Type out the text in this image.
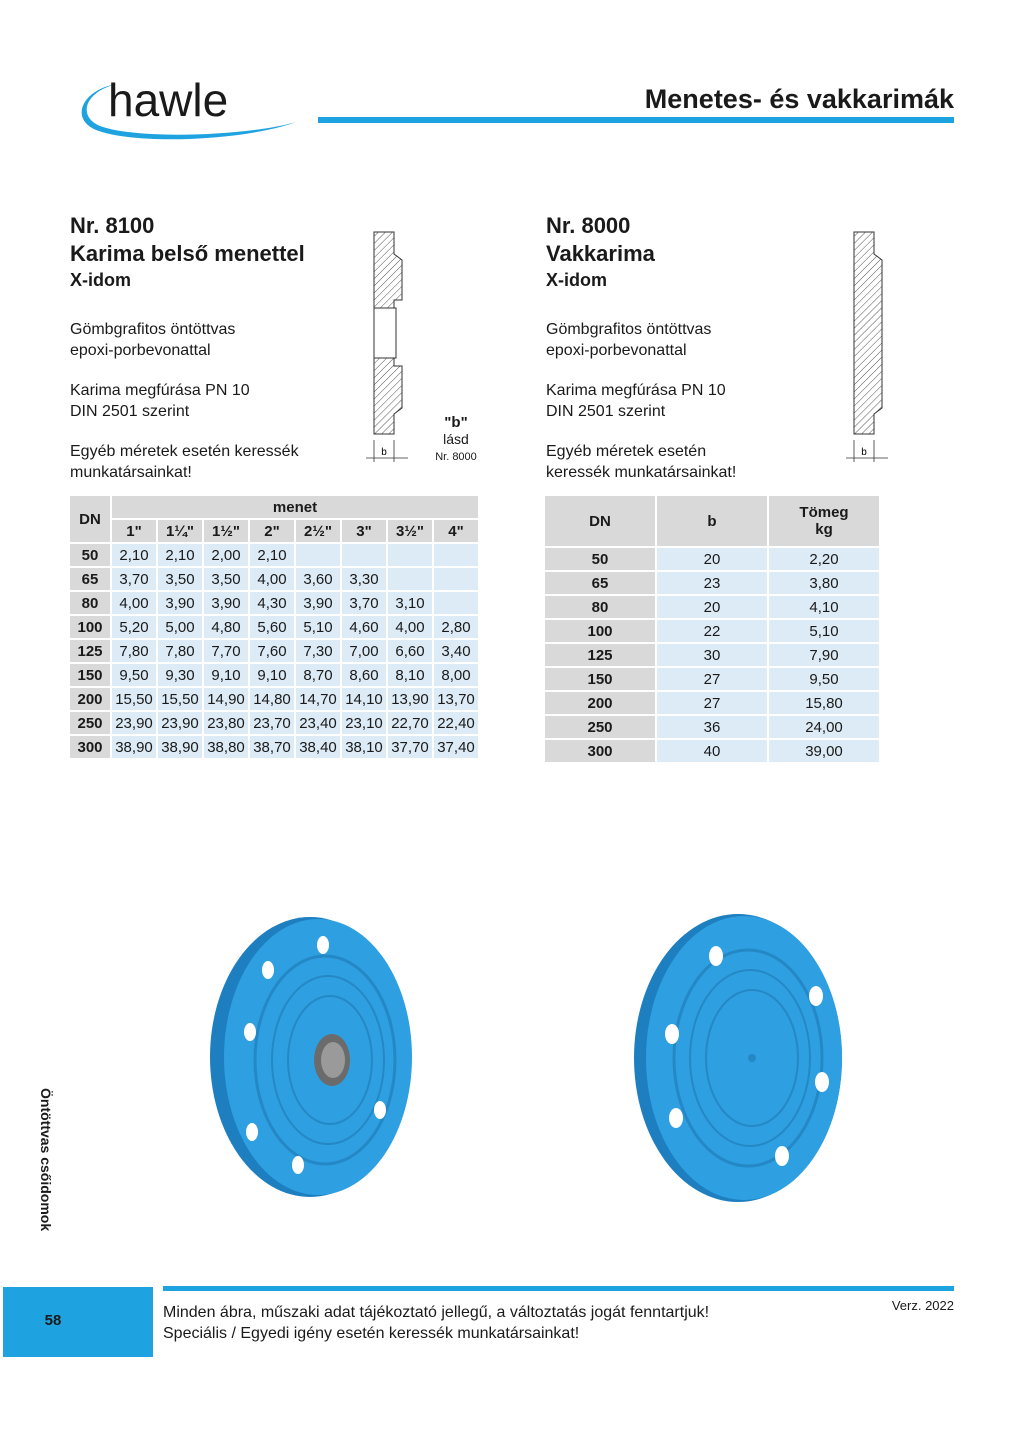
hawle	Menetes- és vakkarimák
Nr. 8100
Karima belső menettel
X-idom
Gömbgrafitos öntöttvas
epoxi-porbevonattal
Karima megfúrása PN 10
DIN 2501 szerint
Egyéb méretek esetén keressék
munkatársainkat!
b
"b"
lásd
Nr. 8000
Nr. 8000
Vakkarima
X-idom
Gömbgrafitos öntöttvas
epoxi-porbevonattal
Karima megfúrása PN 10
DIN 2501 szerint
Egyéb méretek esetén
keressék munkatársainkat!
b
DN	menet							
	1"	1¼"	1½"	2"	2½"	3"	3½"	4"
50	2,10	2,10	2,00	2,10				
65	3,70	3,50	3,50	4,00	3,60	3,30		
80	4,00	3,90	3,90	4,30	3,90	3,70	3,10	
100	5,20	5,00	4,80	5,60	5,10	4,60	4,00	2,80
125	7,80	7,80	7,70	7,60	7,30	7,00	6,60	3,40
150	9,50	9,30	9,10	9,10	8,70	8,60	8,10	8,00
200	15,50	15,50	14,90	14,80	14,70	14,10	13,90	13,70
250	23,90	23,90	23,80	23,70	23,40	23,10	22,70	22,40
300	38,90	38,90	38,80	38,70	38,40	38,10	37,70	37,40
DN	b	Tömeg
kg

50	20	2,20
65	23	3,80
80	20	4,10
100	22	5,10
125	30	7,90
150	27	9,50
200	27	15,80
250	36	24,00
300	40	39,00
Öntöttvas csőidomok
58	Minden ábra, műszaki adat tájékoztató jellegű, a változtatás jogát fenntartjuk!
Speciális / Egyedi igény esetén keressék munkatársainkat!
Verz. 2022
